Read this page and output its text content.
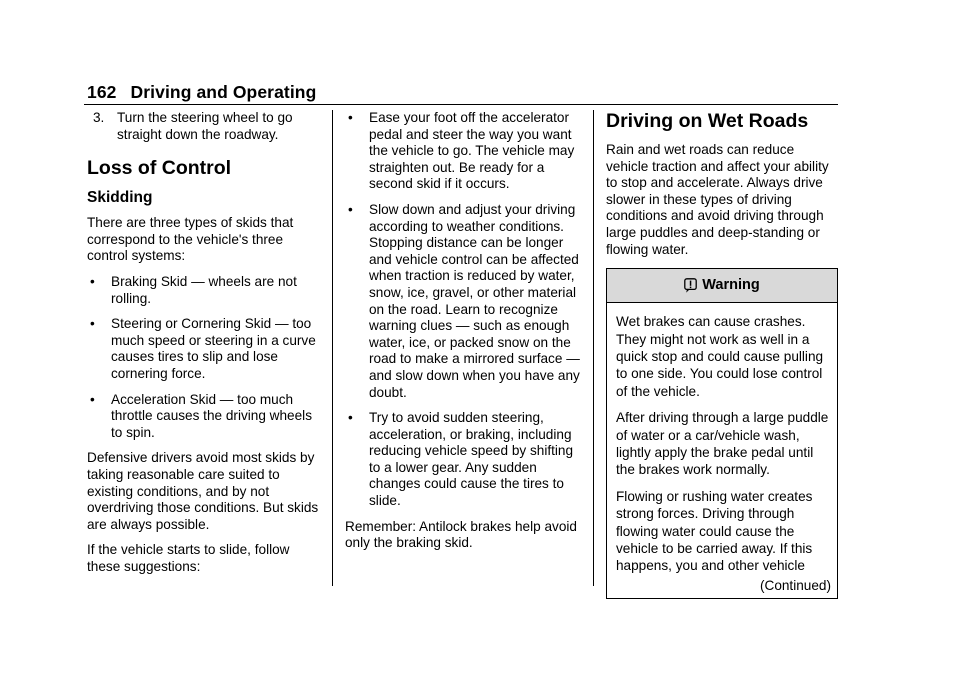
162 Driving and Operating
3. Turn the steering wheel to go straight down the roadway.
Loss of Control
Skidding

There are three types of skids that correspond to the vehicle's three control systems:

• Braking Skid — wheels are not rolling.
• Steering or Cornering Skid — too much speed or steering in a curve causes tires to slip and lose cornering force.
• Acceleration Skid — too much throttle causes the driving wheels to spin.

Defensive drivers avoid most skids by taking reasonable care suited to existing conditions, and by not overdriving those conditions. But skids are always possible.

If the vehicle starts to slide, follow these suggestions:

• Ease your foot off the accelerator pedal and steer the way you want the vehicle to go. The vehicle may straighten out. Be ready for a second skid if it occurs.
• Slow down and adjust your driving according to weather conditions. Stopping distance can be longer and vehicle control can be affected when traction is reduced by water, snow, ice, gravel, or other material on the road. Learn to recognize warning clues — such as enough water, ice, or packed snow on the road to make a mirrored surface — and slow down when you have any doubt.
• Try to avoid sudden steering, acceleration, or braking, including reducing vehicle speed by shifting to a lower gear. Any sudden changes could cause the tires to slide.

Remember: Antilock brakes help avoid only the braking skid.

Driving on Wet Roads

Rain and wet roads can reduce vehicle traction and affect your ability to stop and accelerate. Always drive slower in these types of driving conditions and avoid driving through large puddles and deep-standing or flowing water.

Warning

Wet brakes can cause crashes. They might not work as well in a quick stop and could cause pulling to one side. You could lose control of the vehicle.

After driving through a large puddle of water or a car/vehicle wash, lightly apply the brake pedal until the brakes work normally.

Flowing or rushing water creates strong forces. Driving through flowing water could cause the vehicle to be carried away. If this happens, you and other vehicle

(Continued)
